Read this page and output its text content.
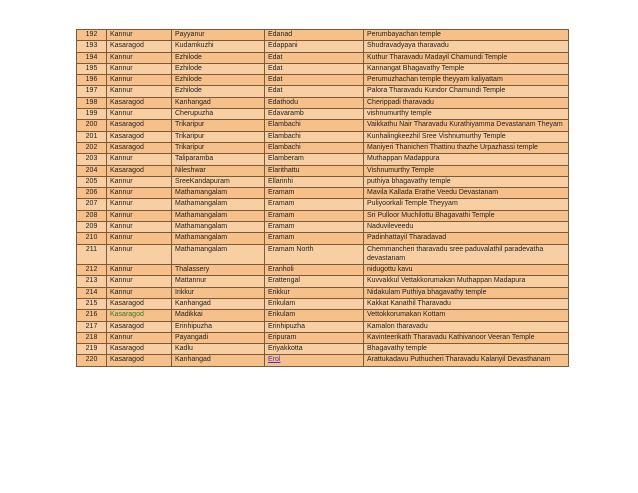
192	Kannur	Payyanur	Edanad	Perumbayachan temple
193	Kasaragod	Kudamkuzhi	Edappani	Shudravadyaya tharavadu
194	Kannur	Ezhilode	Edat	Kuthur Tharavadu Madayil Chamundi Temple
195	Kannur	Ezhilode	Edat	Kannangat Bhagavathy Temple
196	Kannur	Ezhilode	Edat	Perumuzhachan temple theyyam kaliyattam
197	Kannur	Ezhilode	Edat	Palora Tharavadu Kundor Chamundi Temple
198	Kasaragod	Kanhangad	Edathodu	Cherippadi tharavadu
199	Kannur	Cherupuzha	Edavaramb	vishnumurthy temple
200	Kasaragod	Trikaripur	Elambachi	Vaikkathu Nair Tharavadu Kurathiyamma Devastanam Theyam
201	Kasaragod	Trikaripur	Elambachi	Kunhalingkeezhil Sree Vishnumurthy Temple
202	Kasaragod	Trikaripur	Elambachi	Maniyeri Thanicheri Thattinu thazhe Urpazhassi temple
203	Kannur	Taliparamba	Elamberam	Muthappan Madappura
204	Kasaragod	Nileshwar	Elarithattu	Vishnumurthy Temple
205	Kannur	SreeKandapuram	Ellarinhi	puthiya bhagavathy temple
206	Kannur	Mathamangalam	Eramam	Mavila Kallada Erathe Veedu Devastanam
207	Kannur	Mathamangalam	Eramam	Puliyoorkali Temple Theyyam
208	Kannur	Mathamangalam	Eramam	Sri Pulloor Muchilottu Bhagavathi Temple
209	Kannur	Mathamangalam	Eramam	Naduvileveedu
210	Kannur	Mathamangalam	Eramam	Padinhattayil Tharadavad
211	Kannur	Mathamangalam	Eramam North	Chemmancheri tharavadu sree paduvalathil paradevatha devastanam
212	Kannur	Thalassery	Eranholi	nidugottu kavu
213	Kannur	Mattannur	Erattengal	Kuvvakkul Vettakkorumakan Muthappan Madapura
214	Kannur	Irikkur	Erikkur	Nidakulam Puthiya bhagavathy temple
215	Kasaragod	Kanhangad	Erikulam	Kakkat Kanathil Tharavadu
216	Kasaragod	Madikkai	Erikulam	Vettokkorumakan Kottam
217	Kasaragod	Erinhipuzha	Erinhipuzha	Kamalon tharavadu
218	Kannur	Payangadi	Eripuram	Kavinteerikath Tharavadu Kathivanoor Veeran Temple
219	Kasaragod	Kadlu	Eriyakkotta	Bhagavathy temple
220	Kasaragod	Kanhangad	Erol	Arattukadavu Puthucheri Tharavadu Kalariyil Devasthanam
